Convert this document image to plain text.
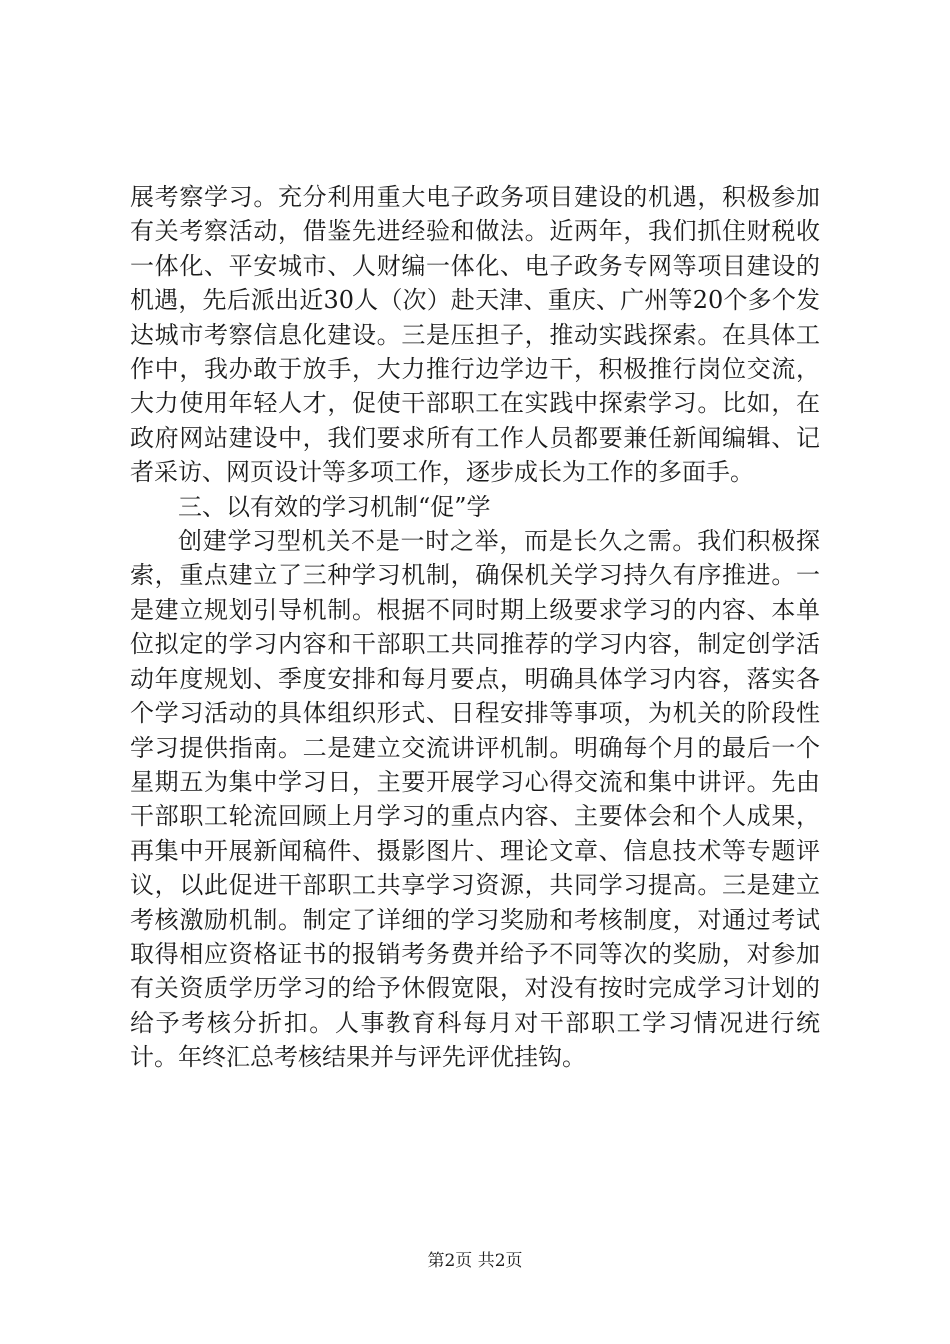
展考察学习。充分利用重大电子政务项目建设的机遇，积极参加有关考察活动，借鉴先进经验和做法。近两年，我们抓住财税收一体化、平安城市、人财编一体化、电子政务专网等项目建设的机遇，先后派出近30人（次）赴天津、重庆、广州等20个多个发达城市考察信息化建设。三是压担子，推动实践探索。在具体工作中，我办敢于放手，大力推行边学边干，积极推行岗位交流，大力使用年轻人才，促使干部职工在实践中探索学习。比如，在政府网站建设中，我们要求所有工作人员都要兼任新闻编辑、记者采访、网页设计等多项工作，逐步成长为工作的多面手。

三、以有效的学习机制“促”学

创建学习型机关不是一时之举，而是长久之需。我们积极探索，重点建立了三种学习机制，确保机关学习持久有序推进。一是建立规划引导机制。根据不同时期上级要求学习的内容、本单位拟定的学习内容和干部职工共同推荐的学习内容，制定创学活动年度规划、季度安排和每月要点，明确具体学习内容，落实各个学习活动的具体组织形式、日程安排等事项，为机关的阶段性学习提供指南。二是建立交流讲评机制。明确每个月的最后一个星期五为集中学习日，主要开展学习心得交流和集中讲评。先由干部职工轮流回顾上月学习的重点内容、主要体会和个人成果，再集中开展新闻稿件、摄影图片、理论文章、信息技术等专题评议，以此促进干部职工共享学习资源，共同学习提高。三是建立考核激励机制。制定了详细的学习奖励和考核制度，对通过考试取得相应资格证书的报销考务费并给予不同等次的奖励，对参加有关资质学历学习的给予休假宽限，对没有按时完成学习计划的给予考核分折扣。人事教育科每月对干部职工学习情况进行统计。年终汇总考核结果并与评先评优挂钩。

第2页 共2页
